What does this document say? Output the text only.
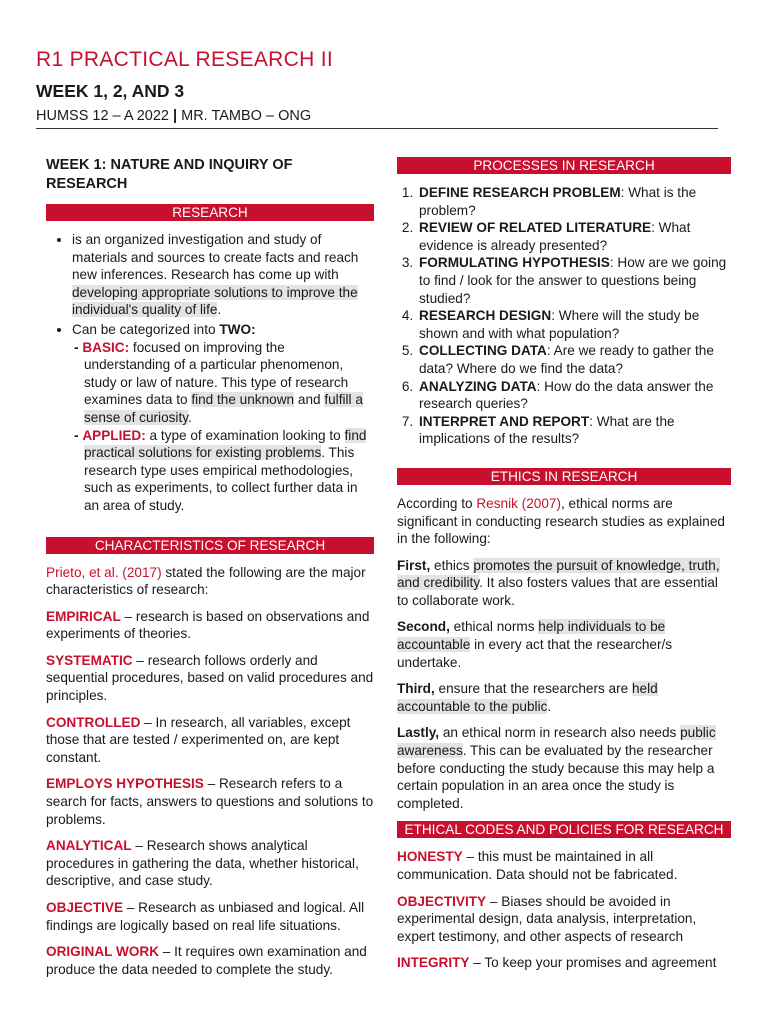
R1 PRACTICAL RESEARCH II
WEEK 1, 2, AND 3
HUMSS 12 – A 2022 | MR. TAMBO – ONG
WEEK 1: NATURE AND INQUIRY OF RESEARCH
RESEARCH
• is an organized investigation and study of materials and sources to create facts and reach new inferences. Research has come up with developing appropriate solutions to improve the individual's quality of life.
• Can be categorized into TWO:
- BASIC: focused on improving the understanding of a particular phenomenon, study or law of nature. This type of research examines data to find the unknown and fulfill a sense of curiosity.
- APPLIED: a type of examination looking to find practical solutions for existing problems. This research type uses empirical methodologies, such as experiments, to collect further data in an area of study.
CHARACTERISTICS OF RESEARCH

Prieto, et al. (2017) stated the following are the major characteristics of research:

EMPIRICAL – research is based on observations and experiments of theories.

SYSTEMATIC – research follows orderly and sequential procedures, based on valid procedures and principles.

CONTROLLED – In research, all variables, except those that are tested / experimented on, are kept constant.

EMPLOYS HYPOTHESIS – Research refers to a search for facts, answers to questions and solutions to problems.

ANALYTICAL – Research shows analytical procedures in gathering the data, whether historical, descriptive, and case study.

OBJECTIVE – Research as unbiased and logical. All findings are logically based on real life situations.

ORIGINAL WORK – It requires own examination and produce the data needed to complete the study.

PROCESSES IN RESEARCH
1. DEFINE RESEARCH PROBLEM: What is the problem?
2. REVIEW OF RELATED LITERATURE: What evidence is already presented?
3. FORMULATING HYPOTHESIS: How are we going to find / look for the answer to questions being studied?
4. RESEARCH DESIGN: Where will the study be shown and with what population?
5. COLLECTING DATA: Are we ready to gather the data? Where do we find the data?
6. ANALYZING DATA: How do the data answer the research queries?
7. INTERPRET AND REPORT: What are the implications of the results?
ETHICS IN RESEARCH

According to Resnik (2007), ethical norms are significant in conducting research studies as explained in the following:

First, ethics promotes the pursuit of knowledge, truth, and credibility. It also fosters values that are essential to collaborate work.

Second, ethical norms help individuals to be accountable in every act that the researcher/s undertake.

Third, ensure that the researchers are held accountable to the public.

Lastly, an ethical norm in research also needs public awareness. This can be evaluated by the researcher before conducting the study because this may help a certain population in an area once the study is completed.

ETHICAL CODES AND POLICIES FOR RESEARCH

HONESTY – this must be maintained in all communication. Data should not be fabricated.

OBJECTIVITY – Biases should be avoided in experimental design, data analysis, interpretation, expert testimony, and other aspects of research

INTEGRITY – To keep your promises and agreement
